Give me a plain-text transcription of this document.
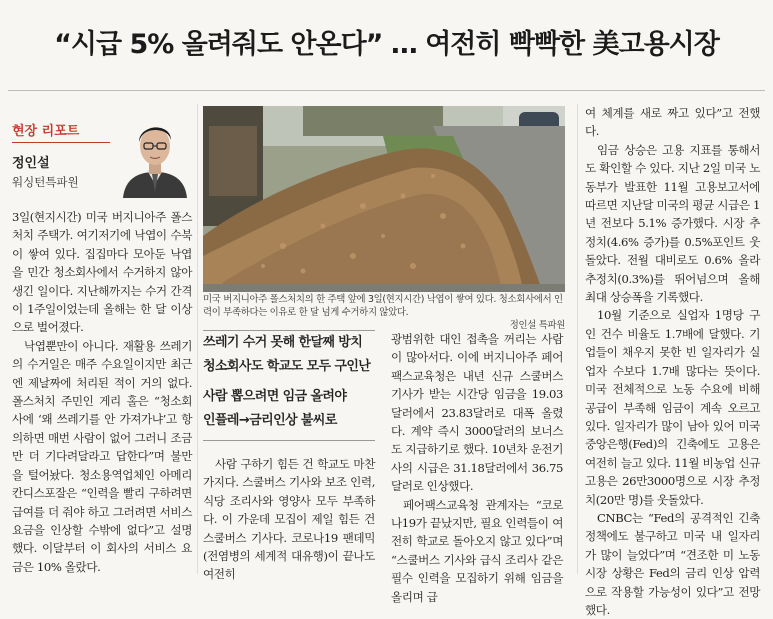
“시급 5% 올려줘도 안온다” … 여전히 빡빡한 美고용시장
현장 리포트
정인설
워싱턴특파원
미국 버지니아주 폴스처치의 한 주택 앞에 3일(현지시간) 낙엽이 쌓여 있다. 청소회사에서 인력이 부족하다는 이유로 한 달 넘게 수거하지 않았다.
정인설 특파원
쓰레기 수거 못해 한달째 방치
청소회사도 학교도 모두 구인난
사람 뽑으려면 임금 올려야
인플레→금리인상 불씨로

3일(현지시간) 미국 버지니아주 폴스처치 주택가. 여기저기에 낙엽이 수북이 쌓여 있다. 집집마다 모아둔 낙엽을 민간 청소회사에서 수거하지 않아 생긴 일이다. 지난해까지는 수거 간격이 1주일이었는데 올해는 한 달 이상으로 벌어졌다.

낙엽뿐만이 아니다. 재활용 쓰레기의 수거일은 매주 수요일이지만 최근엔 제날짜에 처리된 적이 거의 없다. 폴스처치 주민인 게리 홀은 “청소회사에 ‘왜 쓰레기를 안 가져가냐’고 항의하면 매번 사람이 없어 그러니 조금만 더 기다려달라고 답한다”며 불만을 털어놨다. 청소용역업체인 아메리칸디스포잘은 “인력을 빨리 구하려면 급여를 더 줘야 하고 그러려면 서비스 요금을 인상할 수밖에 없다”고 설명했다. 이달부터 이 회사의 서비스 요금은 10% 올랐다.

사람 구하기 힘든 건 학교도 마찬가지다. 스쿨버스 기사와 보조 인력, 식당 조리사와 영양사 모두 부족하다. 이 가운데 모집이 제일 힘든 건 스쿨버스 기사다. 코로나19 팬데믹(전염병의 세계적 대유행)이 끝나도 여전히

광범위한 대인 접촉을 꺼리는 사람이 많아서다. 이에 버지니아주 페어팩스교육청은 내년 신규 스쿨버스 기사가 받는 시간당 임금을 19.03달러에서 23.83달러로 대폭 올렸다. 계약 즉시 3000달러의 보너스도 지급하기로 했다. 10년차 운전기사의 시급은 31.18달러에서 36.75달러로 인상했다.

페어팩스교육청 관계자는 “코로나19가 끝났지만, 필요 인력들이 여전히 학교로 돌아오지 않고 있다”며 “스쿨버스 기사와 급식 조리사 같은 필수 인력을 모집하기 위해 임금을 올리며 급

여 체계를 새로 짜고 있다”고 전했다.

임금 상승은 고용 지표를 통해서도 확인할 수 있다. 지난 2일 미국 노동부가 발표한 11월 고용보고서에 따르면 지난달 미국의 평균 시급은 1년 전보다 5.1% 증가했다. 시장 추정치(4.6% 증가)를 0.5%포인트 웃돌았다. 전월 대비로도 0.6% 올라 추정치(0.3%)를 뛰어넘으며 올해 최대 상승폭을 기록했다.

10월 기준으로 실업자 1명당 구인 건수 비율도 1.7배에 달했다. 기업들이 채우지 못한 빈 일자리가 실업자 수보다 1.7배 많다는 뜻이다. 미국 전체적으로 노동 수요에 비해 공급이 부족해 임금이 계속 오르고 있다. 일자리가 많이 남아 있어 미국 중앙은행(Fed)의 긴축에도 고용은 여전히 늘고 있다. 11월 비농업 신규 고용은 26만3000명으로 시장 추정치(20만 명)를 웃돌았다.

CNBC는 “Fed의 공격적인 긴축 정책에도 불구하고 미국 내 일자리가 많이 늘었다”며 “견조한 미 노동시장 상황은 Fed의 금리 인상 압력으로 작용할 가능성이 있다”고 전망했다.
